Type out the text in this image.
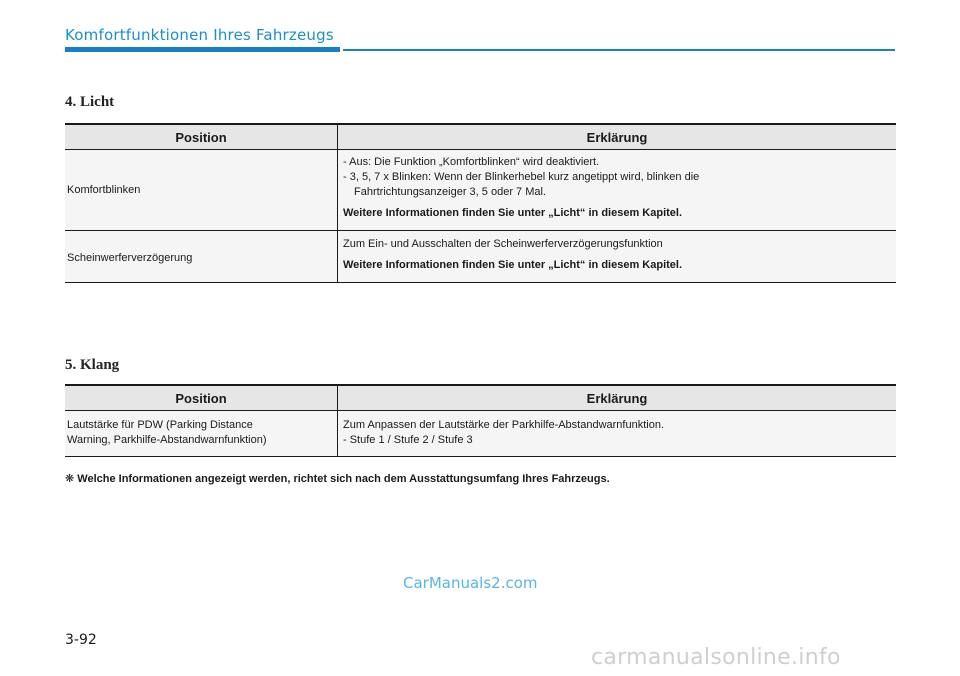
Komfortfunktionen Ihres Fahrzeugs
4. Licht
Position	Erklärung
Komfortblinken	- Aus: Die Funktion „Komfortblinken“ wird deaktiviert.
- 3, 5, 7 x Blinken: Wenn der Blinkerhebel kurz angetippt wird, blinken die
Fahrtrichtungsanzeiger 3, 5 oder 7 Mal.
Weitere Informationen finden Sie unter „Licht“ in diesem Kapitel.

Scheinwerferverzögerung	Zum Ein- und Ausschalten der Scheinwerferverzögerungsfunktion
Weitere Informationen finden Sie unter „Licht“ in diesem Kapitel.
5. Klang
Position	Erklärung

Lautstärke für PDW (Parking Distance
Warning, Parkhilfe-Abstandwarnfunktion)	Zum Anpassen der Lautstärke der Parkhilfe-Abstandwarnfunktion.
- Stufe 1 / Stufe 2 / Stufe 3
❋ Welche Informationen angezeigt werden, richtet sich nach dem Ausstattungsumfang Ihres Fahrzeugs.
CarManuals2.com
3-92
carmanualsonline.info
